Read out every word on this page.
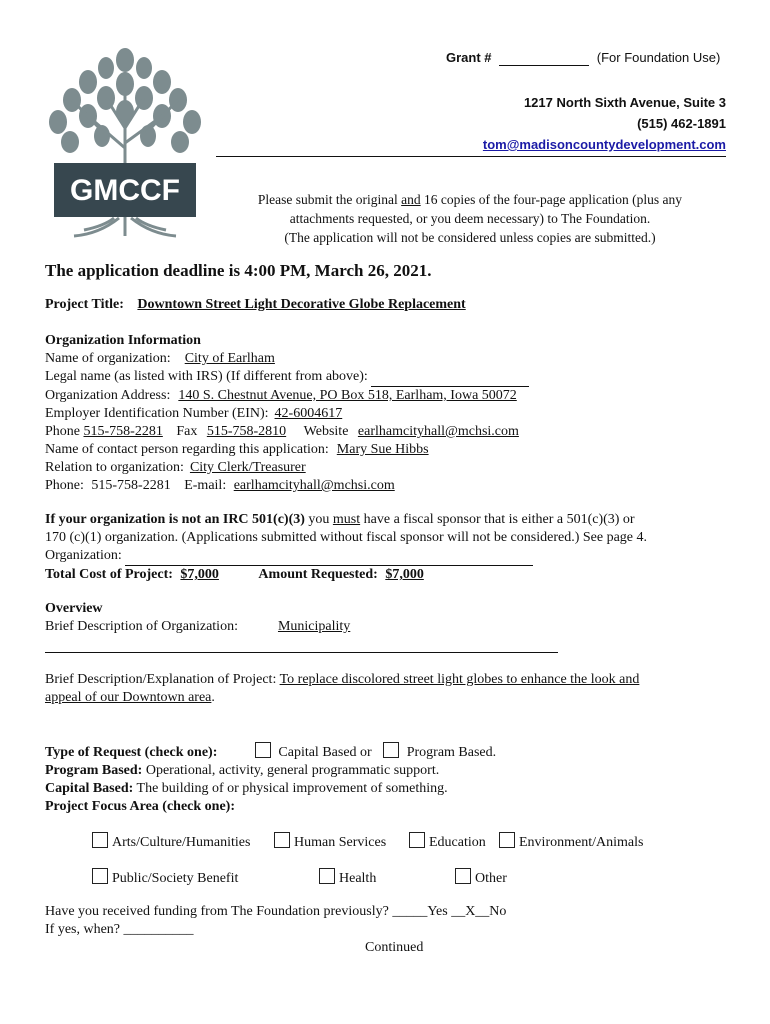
GMCCF
Grant #	(For Foundation Use)
1217 North Sixth Avenue, Suite 3
(515) 462-1891
tom@madisoncountydevelopment.com
Please submit the original and 16 copies of the four-page application (plus any
attachments requested, or you deem necessary) to The Foundation.
(The application will not be considered unless copies are submitted.)
The application deadline is 4:00 PM, March 26, 2021.
Project Title: Downtown Street Light Decorative Globe Replacement
Organization Information
Name of organization: City of Earlham
Legal name (as listed with IRS) (If different from above):
Organization Address: 140 S. Chestnut Avenue, PO Box 518, Earlham, Iowa 50072
Employer Identification Number (EIN): 42-6004617
Phone 515-758-2281 Fax 515-758-2810 Website earlhamcityhall@mchsi.com
Name of contact person regarding this application: Mary Sue Hibbs
Relation to organization: City Clerk/Treasurer
Phone: 515-758-2281 E-mail: earlhamcityhall@mchsi.com
If your organization is not an IRC 501(c)(3) you must have a fiscal sponsor that is either a 501(c)(3) or
170 (c)(1) organization. (Applications submitted without fiscal sponsor will not be considered.) See page 4.
Organization:
Total Cost of Project: $7,000	Amount Requested: $7,000
Overview
Brief Description of Organization:	Municipality
Brief Description/Explanation of Project: To replace discolored street light globes to enhance the look and
appeal of our Downtown area.
Type of Request (check one):	Capital Based or	Program Based.
Program Based: Operational, activity, general programmatic support.
Capital Based: The building of or physical improvement of something.
Project Focus Area (check one):
Arts/Culture/Humanities	Human Services	Education	Environment/Animals
Public/Society Benefit	Health	Other
Have you received funding from The Foundation previously? _____Yes __X__No
If yes, when? __________
Continued
